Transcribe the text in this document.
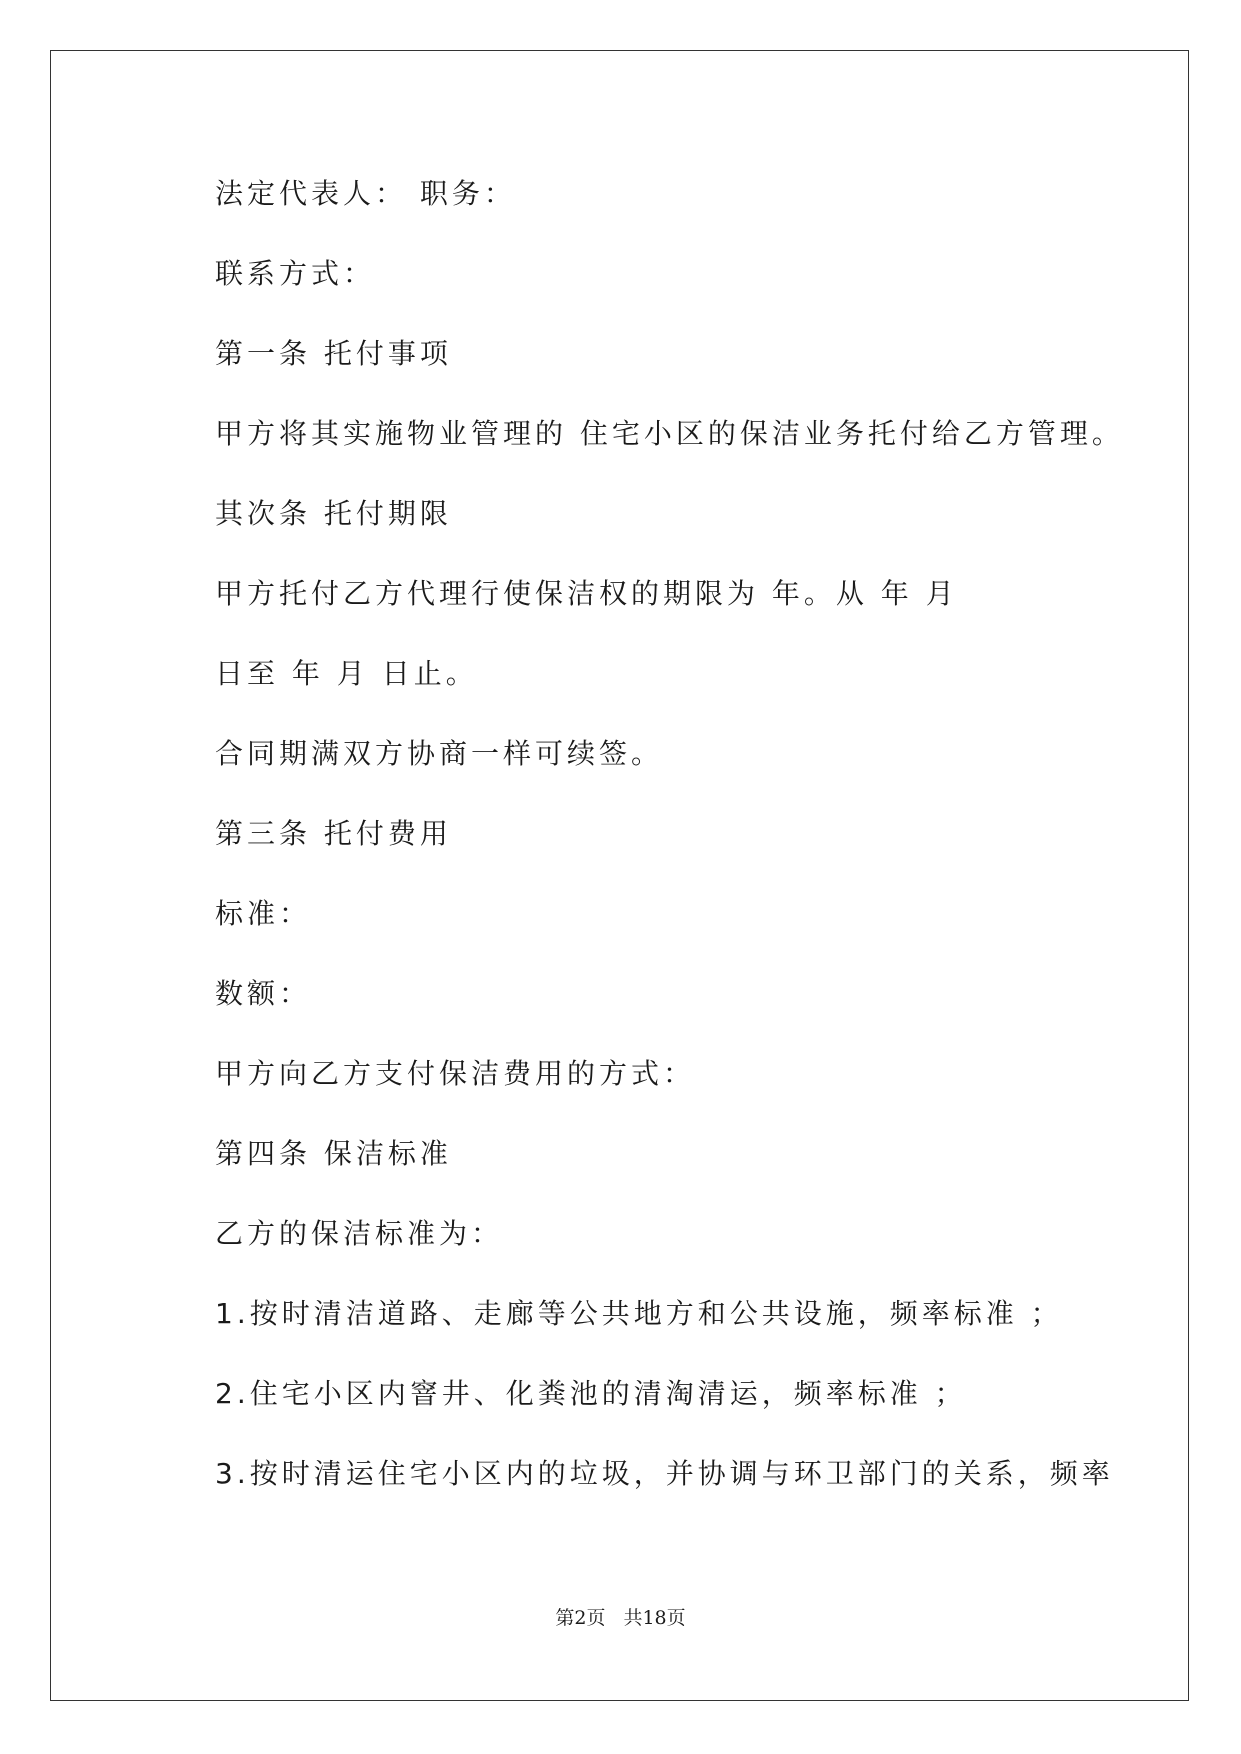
法定代表人： 职务：

联系方式：

第一条 托付事项

甲方将其实施物业管理的 住宅小区的保洁业务托付给乙方管理。

其次条 托付期限

甲方托付乙方代理行使保洁权的期限为 年。从 年 月

日至 年 月 日止。

合同期满双方协商一样可续签。

第三条 托付费用

标准：

数额：

甲方向乙方支付保洁费用的方式：

第四条 保洁标准

乙方的保洁标准为：

1.按时清洁道路、走廊等公共地方和公共设施，频率标准 ；

2.住宅小区内窨井、化粪池的清淘清运，频率标准 ；

3.按时清运住宅小区内的垃圾，并协调与环卫部门的关系，频率

第2页 共18页
